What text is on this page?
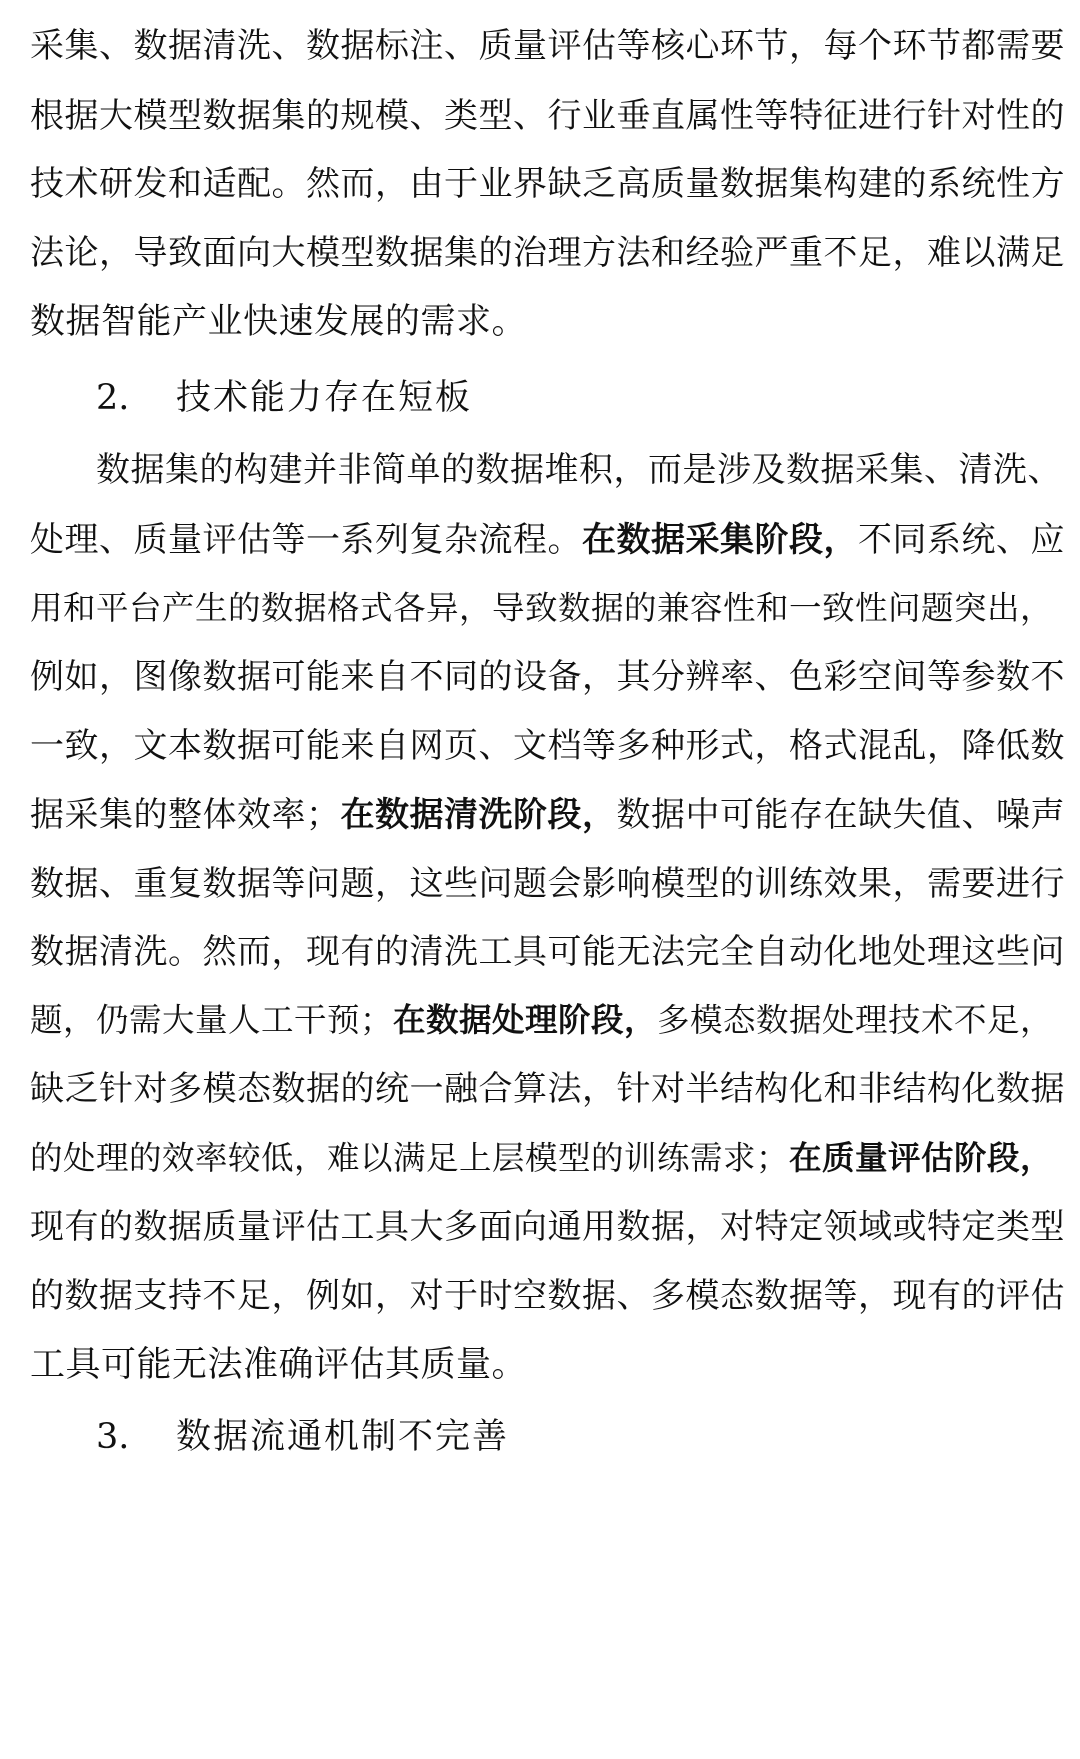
采集、数据清洗、数据标注、质量评估等核心环节，每个环节都需要
根据大模型数据集的规模、类型、行业垂直属性等特征进行针对性的
技术研发和适配。然而，由于业界缺乏高质量数据集构建的系统性方
法论，导致面向大模型数据集的治理方法和经验严重不足，难以满足
数据智能产业快速发展的需求。
2. 技术能力存在短板
数据集的构建并非简单的数据堆积，而是涉及数据采集、清洗、
处理、质量评估等一系列复杂流程。在数据采集阶段，不同系统、应
用和平台产生的数据格式各异，导致数据的兼容性和一致性问题突出，
例如，图像数据可能来自不同的设备，其分辨率、色彩空间等参数不
一致，文本数据可能来自网页、文档等多种形式，格式混乱，降低数
据采集的整体效率；在数据清洗阶段，数据中可能存在缺失值、噪声
数据、重复数据等问题，这些问题会影响模型的训练效果，需要进行
数据清洗。然而，现有的清洗工具可能无法完全自动化地处理这些问
题，仍需大量人工干预；在数据处理阶段，多模态数据处理技术不足，
缺乏针对多模态数据的统一融合算法，针对半结构化和非结构化数据
的处理的效率较低，难以满足上层模型的训练需求；在质量评估阶段，
现有的数据质量评估工具大多面向通用数据，对特定领域或特定类型
的数据支持不足，例如，对于时空数据、多模态数据等，现有的评估
工具可能无法准确评估其质量。
3. 数据流通机制不完善
